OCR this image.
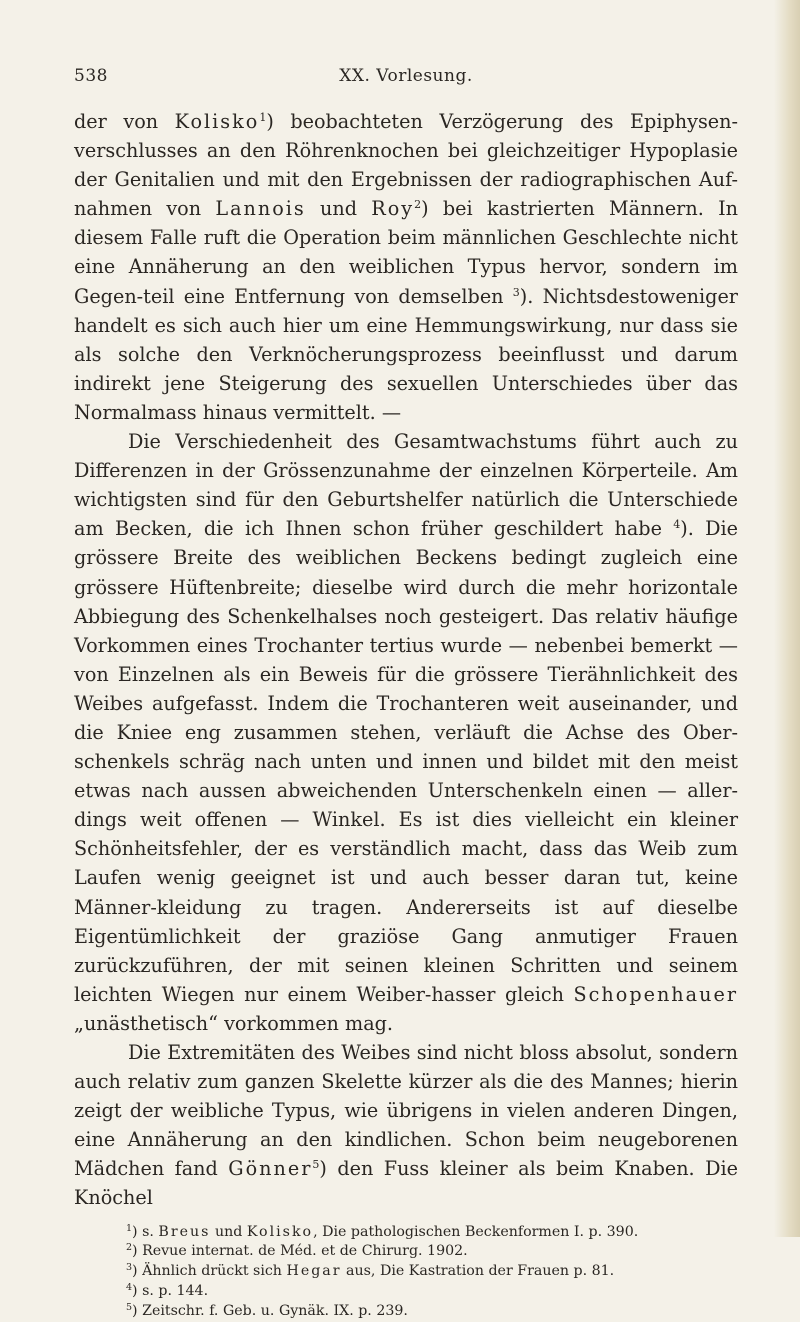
538	XX. Vorlesung.

der von Kolisko$^1$) beobachteten Verzögerung des Epiphysen-verschlusses an den Röhrenknochen bei gleichzeitiger Hypoplasie der Genitalien und mit den Ergebnissen der radiographischen Auf-nahmen von Lannois und Roy$^2$) bei kastrierten Männern. In diesem Falle ruft die Operation beim männlichen Geschlechte nicht eine Annäherung an den weiblichen Typus hervor, sondern im Gegen-teil eine Entfernung von demselben $^3$). Nichtsdestoweniger handelt es sich auch hier um eine Hemmungswirkung, nur dass sie als solche den Verknöcherungsprozess beeinflusst und darum indirekt jene Steigerung des sexuellen Unterschiedes über das Normalmass hinaus vermittelt. —

Die Verschiedenheit des Gesamtwachstums führt auch zu Differenzen in der Grössenzunahme der einzelnen Körperteile. Am wichtigsten sind für den Geburtshelfer natürlich die Unterschiede am Becken, die ich Ihnen schon früher geschildert habe $^4$). Die grössere Breite des weiblichen Beckens bedingt zugleich eine grössere Hüftenbreite; dieselbe wird durch die mehr horizontale Abbiegung des Schenkelhalses noch gesteigert. Das relativ häufige Vorkommen eines Trochanter tertius wurde — nebenbei bemerkt — von Einzelnen als ein Beweis für die grössere Tierähnlichkeit des Weibes aufgefasst. Indem die Trochanteren weit auseinander, und die Kniee eng zusammen stehen, verläuft die Achse des Ober-schenkels schräg nach unten und innen und bildet mit den meist etwas nach aussen abweichenden Unterschenkeln einen — aller-dings weit offenen — Winkel. Es ist dies vielleicht ein kleiner Schönheitsfehler, der es verständlich macht, dass das Weib zum Laufen wenig geeignet ist und auch besser daran tut, keine Männer-kleidung zu tragen. Andererseits ist auf dieselbe Eigentümlichkeit der graziöse Gang anmutiger Frauen zurückzuführen, der mit seinen kleinen Schritten und seinem leichten Wiegen nur einem Weiber-hasser gleich Schopenhauer „unästhetisch“ vorkommen mag.

Die Extremitäten des Weibes sind nicht bloss absolut, sondern auch relativ zum ganzen Skelette kürzer als die des Mannes; hierin zeigt der weibliche Typus, wie übrigens in vielen anderen Dingen, eine Annäherung an den kindlichen. Schon beim neugeborenen Mädchen fand Gönner$^5$) den Fuss kleiner als beim Knaben. Die Knöchel

$^1$) s. Breus und Kolisko, Die pathologischen Beckenformen I. p. 390.
$^2$) Revue internat. de Méd. et de Chirurg. 1902.
$^3$) Ähnlich drückt sich Hegar aus, Die Kastration der Frauen p. 81.
$^4$) s. p. 144.
$^5$) Zeitschr. f. Geb. u. Gynäk. IX. p. 239.
